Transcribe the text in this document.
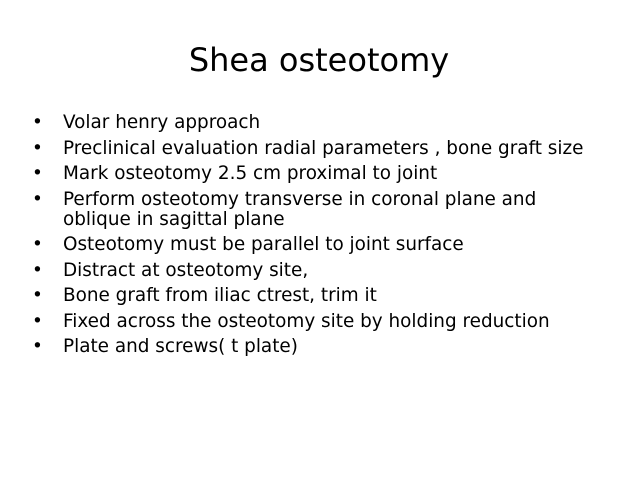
Shea osteotomy
•	Volar henry approach
•	Preclinical evaluation radial parameters , bone graft size
•	Mark osteotomy 2.5 cm proximal to joint
•	Perform osteotomy transverse in coronal plane and oblique in sagittal plane
•	Osteotomy must be parallel to joint surface
•	Distract at osteotomy site,
•	Bone graft from iliac ctrest, trim it
•	Fixed across the osteotomy site by holding reduction
•	Plate and screws( t plate)
